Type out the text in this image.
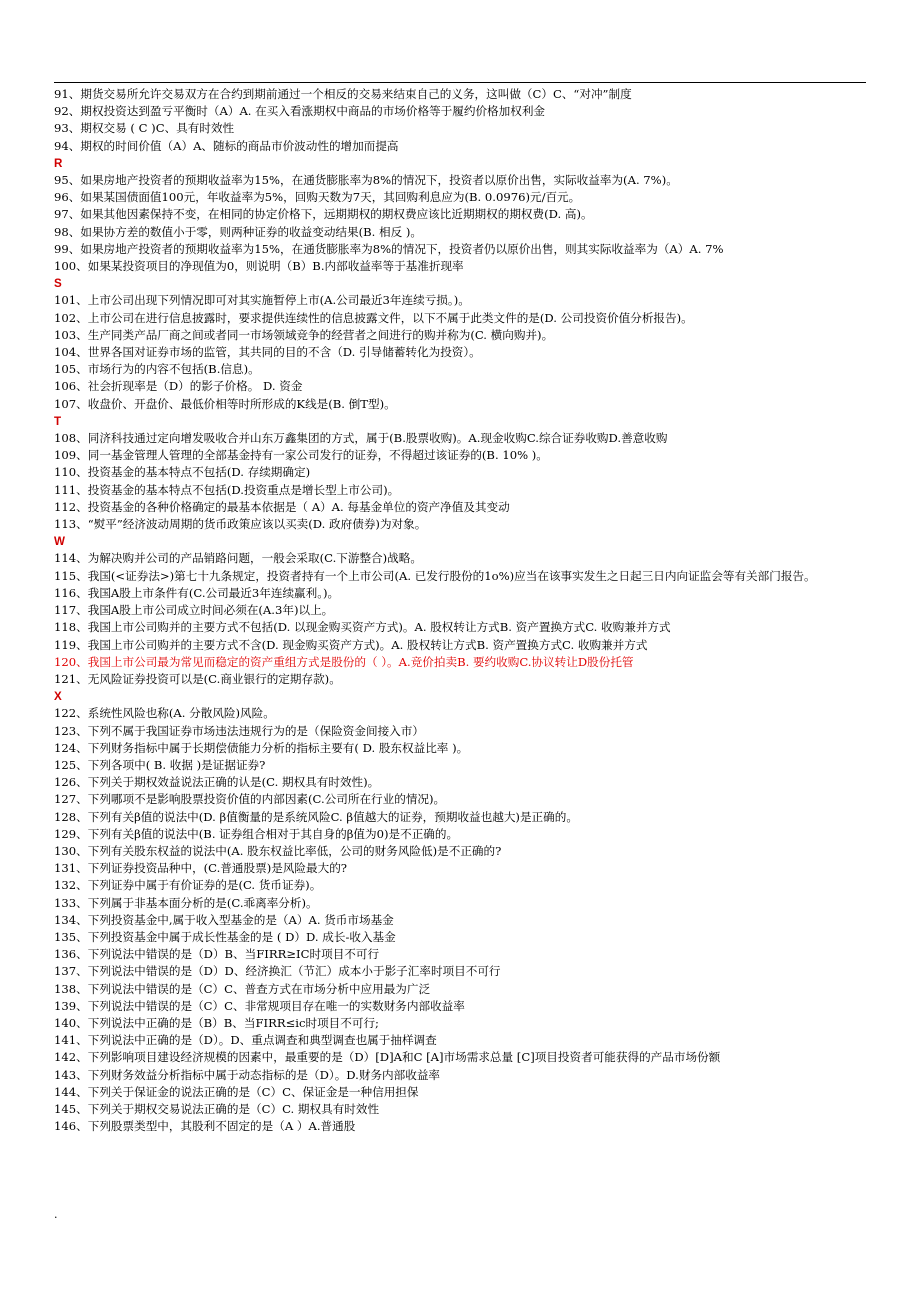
91、期货交易所允许交易双方在合约到期前通过一个相反的交易来结束自己的义务，这叫做（C）C、“对冲”制度
92、期权投资达到盈亏平衡时（A）A. 在买入看涨期权中商品的市场价格等于履约价格加权利金
93、期权交易 ( C )C、具有时效性
94、期权的时间价值（A）A、随标的商品市价波动性的增加而提高
R
95、如果房地产投资者的预期收益率为15%，在通货膨胀率为8%的情况下，投资者以原价出售，实际收益率为(A. 7%)。
96、如果某国债面值100元，年收益率为5%，回购天数为7天，其回购利息应为(B. 0.0976)元/百元。
97、如果其他因素保持不变，在相同的协定价格下，远期期权的期权费应该比近期期权的期权费(D. 高)。
98、如果协方差的数值小于零，则两种证券的收益变动结果(B. 相反 )。
99、如果房地产投资者的预期收益率为15%，在通货膨胀率为8%的情况下，投资者仍以原价出售，则其实际收益率为（A）A. 7%
100、如果某投资项目的净现值为0，则说明（B）B.内部收益率等于基准折现率
S
101、上市公司出现下列情况即可对其实施暂停上市(A.公司最近3年连续亏损。)。
102、上市公司在进行信息披露时，要求提供连续性的信息披露文件，以下不属于此类文件的是(D. 公司投资价值分析报告)。
103、生产同类产品厂商之间或者同一市场领域竞争的经营者之间进行的购并称为(C. 横向购并)。
104、世界各国对证券市场的监管，其共同的目的不含（D. 引导储蓄转化为投资）。
105、市场行为的内容不包括(B.信息)。
106、社会折现率是（D）的影子价格。 D. 资金
107、收盘价、开盘价、最低价相等时所形成的K线是(B. 倒T型)。
T
108、同济科技通过定向增发吸收合并山东万鑫集团的方式，属于(B.股票收购)。A.现金收购C.综合证券收购D.善意收购
109、同一基金管理人管理的全部基金持有一家公司发行的证券，不得超过该证券的(B. 10% )。
110、投资基金的基本特点不包括(D. 存续期确定)
111、投资基金的基本特点不包括(D.投资重点是增长型上市公司)。
112、投资基金的各种价格确定的最基本依据是（ A）A. 每基金单位的资产净值及其变动
113、“熨平”经济波动周期的货币政策应该以买卖(D. 政府债券)为对象。
W
114、为解决购并公司的产品销路问题，一般会采取(C.下游整合)战略。
115、我国(<证券法>)第七十九条规定，投资者持有一个上市公司(A. 已发行股份的1o%)应当在该事实发生之日起三日内向证监会等有关部门报告。
116、我国A股上市条件有(C.公司最近3年连续赢利。)。
117、我国A股上市公司成立时间必须在(A.3年)以上。
118、我国上市公司购并的主要方式不包括(D. 以现金购买资产方式)。A. 股权转让方式B. 资产置换方式C. 收购兼并方式
119、我国上市公司购并的主要方式不含(D. 现金购买资产方式)。A. 股权转让方式B. 资产置换方式C. 收购兼并方式
120、我国上市公司最为常见而稳定的资产重组方式是股份的（ ）。A.竞价拍卖B. 要约收购C.协议转让D股份托管
121、无风险证券投资可以是(C.商业银行的定期存款)。
X
122、系统性风险也称(A. 分散风险)风险。
123、下列不属于我国证券市场违法违规行为的是（保险资金间接入市）
124、下列财务指标中属于长期偿债能力分析的指标主要有( D. 股东权益比率 )。
125、下列各项中( B. 收据 )是证据证券?
126、下列关于期权效益说法正确的认是(C. 期权具有时效性)。
127、下列哪项不是影响股票投资价值的内部因素(C.公司所在行业的情况)。
128、下列有关β值的说法中(D. β值衡量的是系统风险C. β值越大的证券，预期收益也越大)是正确的。
129、下列有关β值的说法中(B. 证券组合相对于其自身的β值为0)是不正确的。
130、下列有关股东权益的说法中(A. 股东权益比率低，公司的财务风险低)是不正确的?
131、下列证券投资品种中，(C.普通股票)是风险最大的?
132、下列证券中属于有价证券的是(C. 货币证券)。
133、下列属于非基本面分析的是(C.乖离率分析)。
134、下列投资基金中,属于收入型基金的是（A）A. 货币市场基金
135、下列投资基金中属于成长性基金的是 ( D）D. 成长-收入基金
136、下列说法中错误的是（D）B、当FIRR≥IC时项目不可行
137、下列说法中错误的是（D）D、经济换汇（节汇）成本小于影子汇率时项目不可行
138、下列说法中错误的是（C）C、普查方式在市场分析中应用最为广泛
139、下列说法中错误的是（C）C、非常规项目存在唯一的实数财务内部收益率
140、下列说法中正确的是（B）B、当FIRR≤ic时项目不可行;
141、下列说法中正确的是（D）。D、重点调查和典型调查也属于抽样调查
142、下列影响项目建设经济规模的因素中，最重要的是（D）[D]A和C [A]市场需求总量 [C]项目投资者可能获得的产品市场份额
143、下列财务效益分析指标中属于动态指标的是（D）。D.财务内部收益率
144、下列关于保证金的说法正确的是（C）C、保证金是一种信用担保
145、下列关于期权交易说法正确的是（C）C. 期权具有时效性
146、下列股票类型中，其股利不固定的是（A ）A.普通股
.
